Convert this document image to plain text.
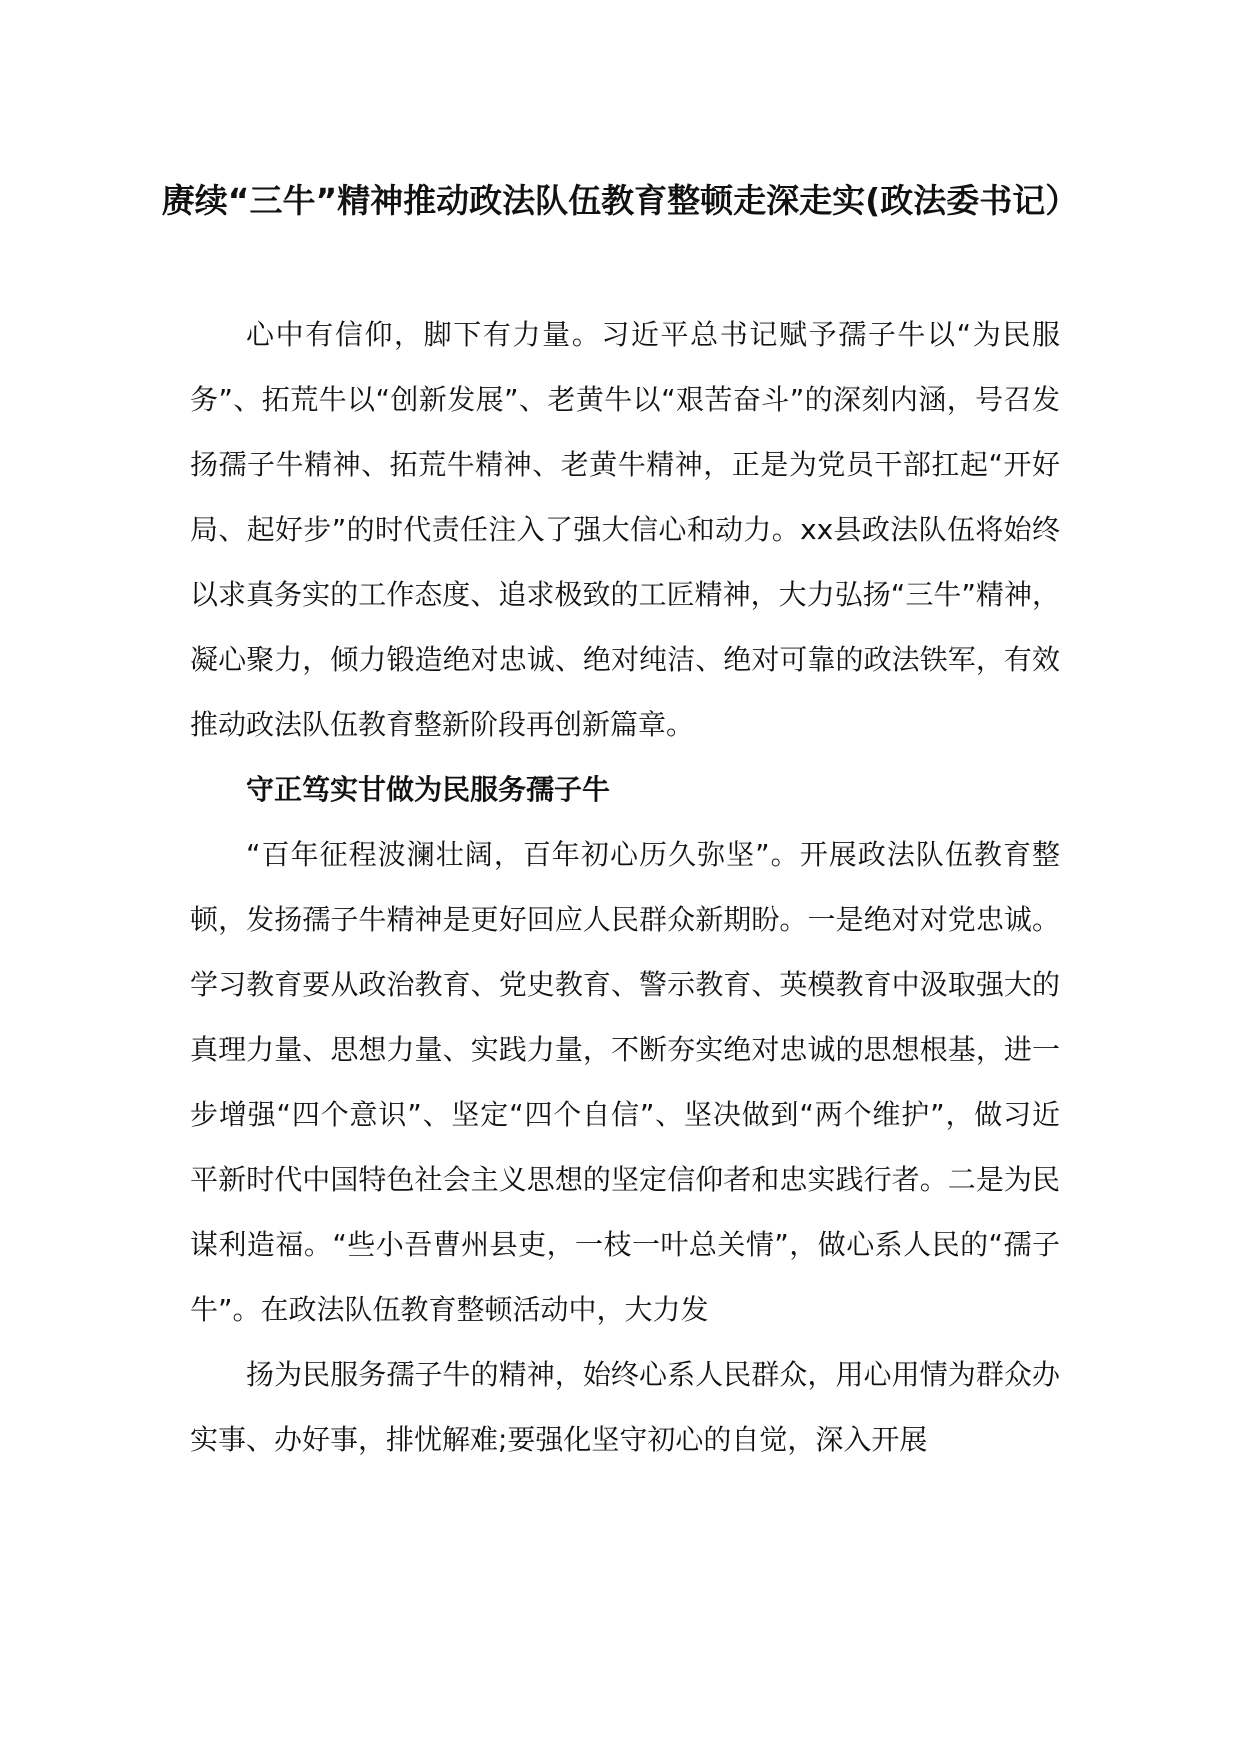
赓续“三牛”精神推动政法队伍教育整顿走深走实(政法委书记）

心中有信仰，脚下有力量。习近平总书记赋予孺子牛以“为民服务”、拓荒牛以“创新发展”、老黄牛以“艰苦奋斗”的深刻内涵，号召发扬孺子牛精神、拓荒牛精神、老黄牛精神，正是为党员干部扛起“开好局、起好步”的时代责任注入了强大信心和动力。xx县政法队伍将始终以求真务实的工作态度、追求极致的工匠精神，大力弘扬“三牛”精神，凝心聚力，倾力锻造绝对忠诚、绝对纯洁、绝对可靠的政法铁军，有效推动政法队伍教育整新阶段再创新篇章。

守正笃实甘做为民服务孺子牛

“百年征程波澜壮阔，百年初心历久弥坚”。开展政法队伍教育整顿，发扬孺子牛精神是更好回应人民群众新期盼。一是绝对对党忠诚。学习教育要从政治教育、党史教育、警示教育、英模教育中汲取强大的真理力量、思想力量、实践力量，不断夯实绝对忠诚的思想根基，进一步增强“四个意识”、坚定“四个自信”、坚决做到“两个维护”，做习近平新时代中国特色社会主义思想的坚定信仰者和忠实践行者。二是为民谋利造福。“些小吾曹州县吏，一枝一叶总关情”，做心系人民的“孺子牛”。在政法队伍教育整顿活动中，大力发

扬为民服务孺子牛的精神，始终心系人民群众，用心用情为群众办实事、办好事，排忧解难;要强化坚守初心的自觉，深入开展
